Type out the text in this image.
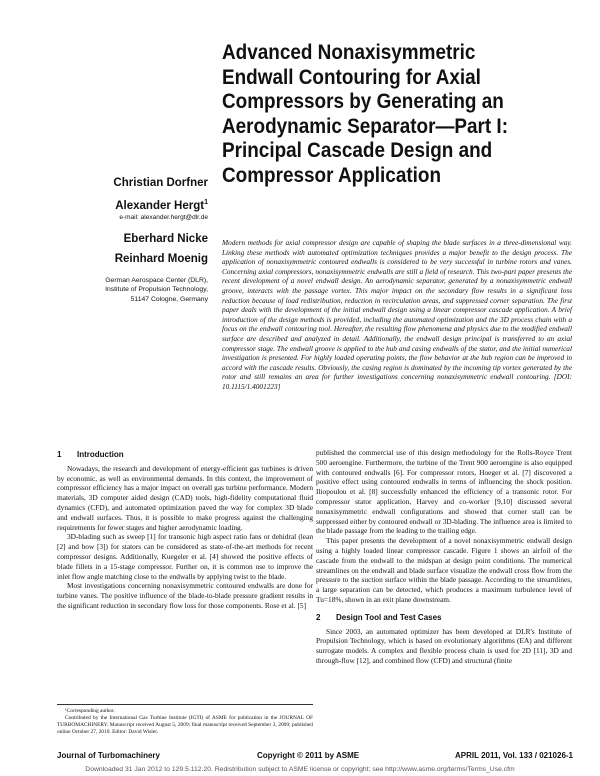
Advanced Nonaxisymmetric
Endwall Contouring for Axial
Compressors by Generating an
Aerodynamic Separator—Part I:
Principal Cascade Design and
Compressor Application
Christian Dorfner
Alexander Hergt$^1$
e-mail: alexander.hergt@dlr.de
Eberhard Nicke
Reinhard Moenig
German Aerospace Center (DLR),
Institute of Propulsion Technology,
51147 Cologne, Germany
Modern methods for axial compressor design are capable of shaping the blade surfaces in a three-dimensional way. Linking these methods with automated optimization techniques provides a major benefit to the design process. The application of nonaxisymmetric contoured endwalls is considered to be very successful in turbine rotors and vanes. Concerning axial compressors, nonaxisymmetric endwalls are still a field of research. This two-part paper presents the recent development of a novel endwall design. An aerodynamic separator, generated by a nonaxisymmetric endwall groove, interacts with the passage vortex. This major impact on the secondary flow results in a significant loss reduction because of load redistribution, reduction in recirculation areas, and suppressed corner separation. The first paper deals with the development of the initial endwall design using a linear compressor cascade application. A brief introduction of the design methods is provided, including the automated optimization and the 3D process chain with a focus on the endwall contouring tool. Hereafter, the resulting flow phenomena and physics due to the modified endwall surface are described and analyzed in detail. Additionally, the endwall design principal is transferred to an axial compressor stage. The endwall groove is applied to the hub and casing endwalls of the stator, and the initial numerical investigation is presented. For highly loaded operating points, the flow behavior at the hub region can be improved in accord with the cascade results. Obviously, the casing region is dominated by the incoming tip vortex generated by the rotor and still remains an area for further investigations concerning nonaxisymmetric endwall contouring. [DOI: 10.1115/1.4001223]
1 Introduction

Nowadays, the research and development of energy-efficient gas turbines is driven by economic, as well as environmental demands. In this context, the improvement of compressor efficiency has a major impact on overall gas turbine performance. Modern materials, 3D computer aided design (CAD) tools, high-fidelity computational fluid dynamics (CFD), and automated optimization paved the way for complex 3D blade and endwall surfaces. Thus, it is possible to make progress against the challenging requirements for fewer stages and higher aerodynamic loading.

3D-blading such as sweep [1] for transonic high aspect ratio fans or dehidral (lean [2] and bow [3]) for stators can be considered as state-of-the-art methods for recent compressor designs. Additionally, Kuegeler et al. [4] showed the positive effects of blade fillets in a 15-stage compressor. Further on, it is common use to improve the inlet flow angle matching close to the endwalls by applying twist to the blade.

Most investigations concerning nonaxisymmetric contoured endwalls are done for turbine vanes. The positive influence of the blade-to-blade pressure gradient results in the significant reduction in secondary flow loss for those components. Rose et al. [5]

published the commercial use of this design methodology for the Rolls-Royce Trent 500 aeroengine. Furthermore, the turbine of the Trent 900 aeroengine is also equipped with contoured endwalls [6]. For compressor rotors, Hoeger et al. [7] discovered a positive effect using contoured endwalls in terms of influencing the shock position. Iliopoulou et al. [8] successfully enhanced the efficiency of a transonic rotor. For compressor stator application, Harvey and co-worker [9,10] discussed several nonaxisymmetric endwall configurations and showed that corner stall can be suppressed either by contoured endwall or 3D-blading. The influence area is limited to the blade passage from the leading to the trailing edge.

This paper presents the development of a novel nonaxisymmetric endwall design using a highly loaded linear compressor cascade. Figure 1 shows an airfoil of the cascade from the endwall to the midspan at design point conditions. The numerical streamlines on the endwall and blade surface visualize the endwall cross flow from the pressure to the suction surface within the blade passage. According to the streamlines, a large separation can be detected, which produces a maximum turbulence level of Tu=18%, shown in an exit plane downstream.

2 Design Tool and Test Cases

Since 2003, an automated optimizer has been developed at DLR's Institute of Propulsion Technology, which is based on evolutionary algorithms (EA) and different surrogate models. A complex and flexible process chain is used for 2D [11], 3D and through-flow [12], and combined flow (CFD) and structural (finite

¹Corresponding author.

Contributed by the International Gas Turbine Institute (IGTI) of ASME for publication in the JOURNAL OF TURBOMACHINERY. Manuscript received August 5, 2009; final manuscript received September 3, 2009; published online October 27, 2010. Editor: David Wisler.

Journal of Turbomachinery	Copyright © 2011 by ASME	APRIL 2011, Vol. 133 / 021026-1
Downloaded 31 Jan 2012 to 129.5.112.20. Redistribution subject to ASME license or copyright; see http://www.asme.org/terms/Terms_Use.cfm
